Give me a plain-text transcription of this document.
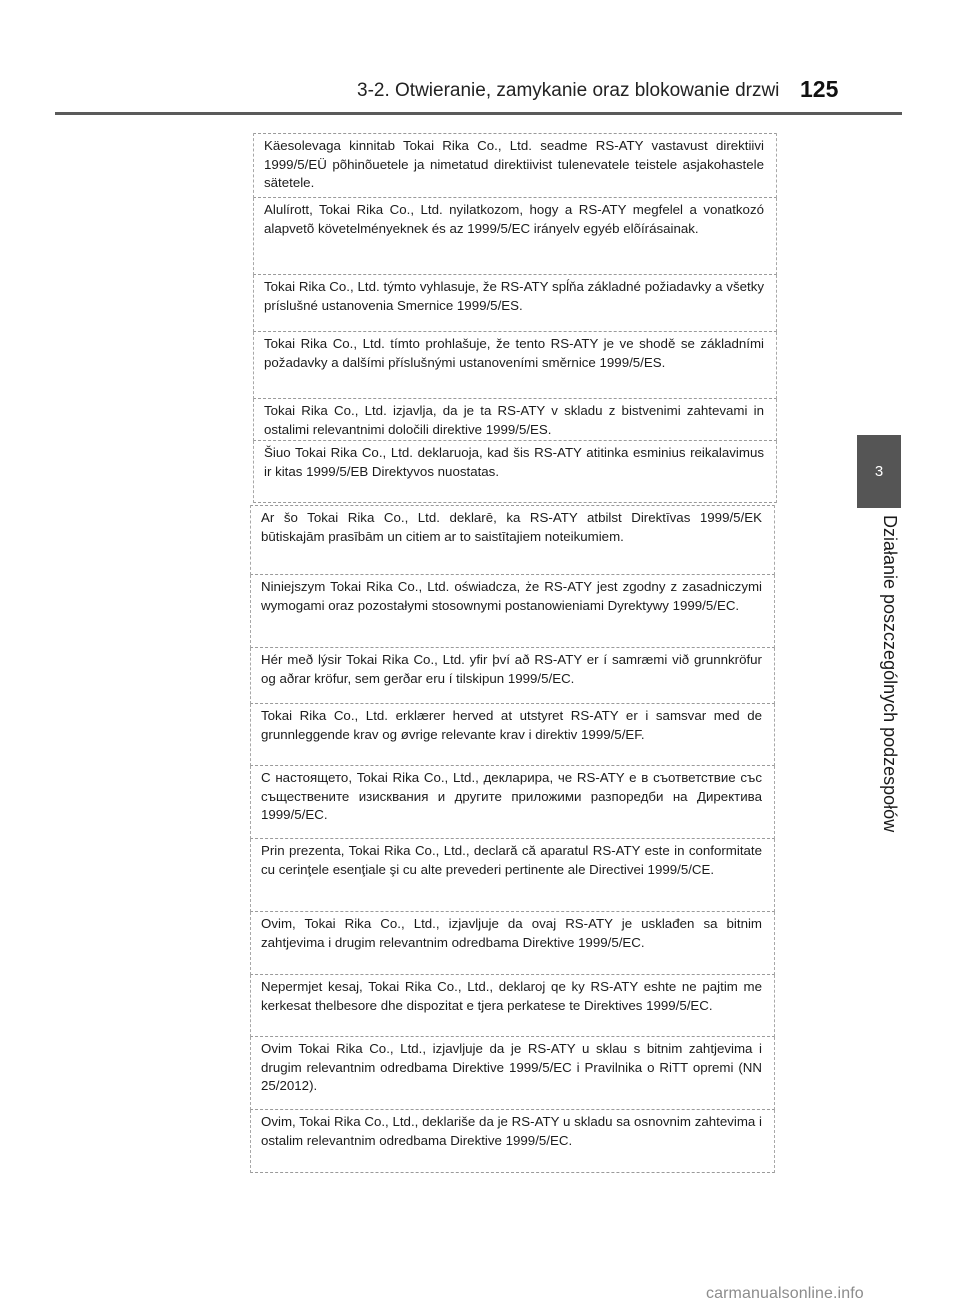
3-2. Otwieranie, zamykanie oraz blokowanie drzwi 125
3
Działanie poszczególnych podzespołów
Käesolevaga kinnitab Tokai Rika Co., Ltd. seadme RS-ATY vastavust direktiivi 1999/5/EÜ põhinõuetele ja nimetatud direktiivist tulenevatele teistele asjakohastele sätetele.
Alulírott, Tokai Rika Co., Ltd. nyilatkozom, hogy a RS-ATY megfelel a vonatkozó alapvetõ követelményeknek és az 1999/5/EC irányelv egyéb elõírásainak.
Tokai Rika Co., Ltd. týmto vyhlasuje, že RS-ATY spĺňa základné požiadavky a všetky príslušné ustanovenia Smernice 1999/5/ES.
Tokai Rika Co., Ltd. tímto prohlašuje, že tento RS-ATY je ve shodě se základními požadavky a dalšími příslušnými ustanoveními směrnice 1999/5/ES.
Tokai Rika Co., Ltd. izjavlja, da je ta RS-ATY v skladu z bistvenimi zahtevami in ostalimi relevantnimi določili direktive 1999/5/ES.
Šiuo Tokai Rika Co., Ltd. deklaruoja, kad šis RS-ATY atitinka esminius reikalavimus ir kitas 1999/5/EB Direktyvos nuostatas.
Ar šo Tokai Rika Co., Ltd. deklarē, ka RS-ATY atbilst Direktīvas 1999/5/EK būtiskajām prasībām un citiem ar to saistītajiem noteikumiem.
Niniejszym Tokai Rika Co., Ltd. oświadcza, że RS-ATY jest zgodny z zasadniczymi wymogami oraz pozostałymi stosownymi postanowieniami Dyrektywy 1999/5/EC.
Hér með lýsir Tokai Rika Co., Ltd. yfir því að RS-ATY er í samræmi við grunnkröfur og aðrar kröfur, sem gerðar eru í tilskipun 1999/5/EC.
Tokai Rika Co., Ltd. erklærer herved at utstyret RS-ATY er i samsvar med de grunnleggende krav og øvrige relevante krav i direktiv 1999/5/EF.
С настоящето, Tokai Rika Co., Ltd., декларира, че RS-ATY е в съответствие със съществените изисквания и другите приложими разпоредби на Директива 1999/5/ЕС.
Prin prezenta, Tokai Rika Co., Ltd., declară că aparatul RS-ATY este in conformitate cu cerinţele esenţiale şi cu alte prevederi pertinente ale Directivei 1999/5/CE.
Ovim, Tokai Rika Co., Ltd., izjavljuje da ovaj RS-ATY je usklađen sa bitnim zahtjevima i drugim relevantnim odredbama Direktive 1999/5/EC.
Nepermjet kesaj, Tokai Rika Co., Ltd., deklaroj qe ky RS-ATY eshte ne pajtim me kerkesat thelbesore dhe dispozitat e tjera perkatese te Direktives 1999/5/EC.
Ovim Tokai Rika Co., Ltd., izjavljuje da je RS-ATY u sklau s bitnim zahtjevima i drugim relevantnim odredbama Direktive 1999/5/EC i Pravilnika o RiTT opremi (NN 25/2012).
Ovim, Tokai Rika Co., Ltd., deklariše da je RS-ATY u skladu sa osnovnim zahtevima i ostalim relevantnim odredbama Direktive 1999/5/EC.
carmanualsonline.info
